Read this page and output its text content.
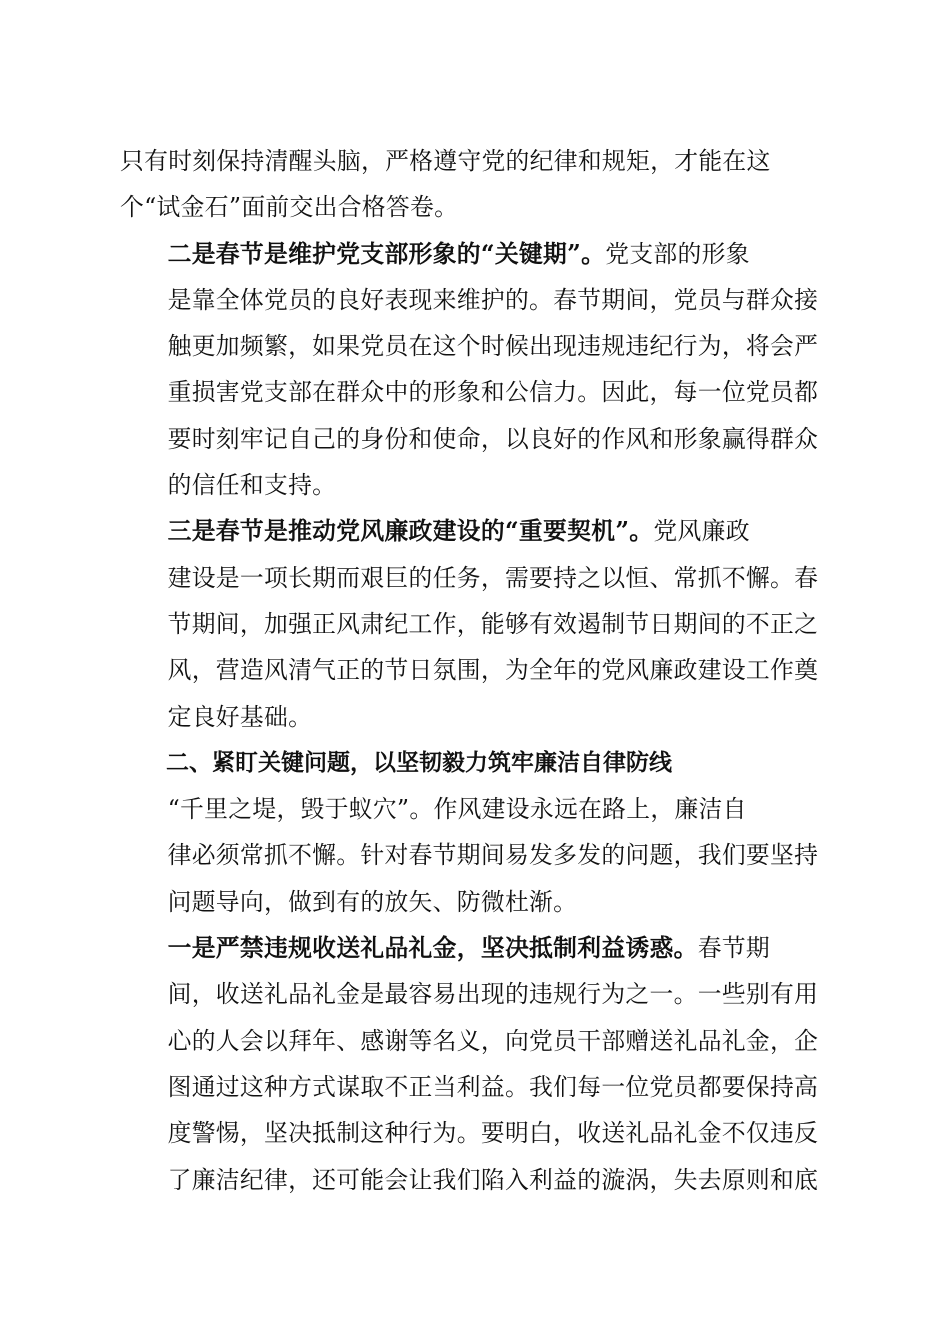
只有时刻保持清醒头脑，严格遵守党的纪律和规矩，才能在这
个“试金石”面前交出合格答卷。

二是春节是维护党支部形象的“关键期”。党支部的形象
是靠全体党员的良好表现来维护的。春节期间，党员与群众接
触更加频繁，如果党员在这个时候出现违规违纪行为，将会严
重损害党支部在群众中的形象和公信力。因此，每一位党员都
要时刻牢记自己的身份和使命，以良好的作风和形象赢得群众
的信任和支持。

三是春节是推动党风廉政建设的“重要契机”。党风廉政
建设是一项长期而艰巨的任务，需要持之以恒、常抓不懈。春
节期间，加强正风肃纪工作，能够有效遏制节日期间的不正之
风，营造风清气正的节日氛围，为全年的党风廉政建设工作奠
定良好基础。

二、紧盯关键问题，以坚韧毅力筑牢廉洁自律防线

“千里之堤，毁于蚁穴”。作风建设永远在路上，廉洁自
律必须常抓不懈。针对春节期间易发多发的问题，我们要坚持
问题导向，做到有的放矢、防微杜渐。

一是严禁违规收送礼品礼金，坚决抵制利益诱惑。春节期
间，收送礼品礼金是最容易出现的违规行为之一。一些别有用
心的人会以拜年、感谢等名义，向党员干部赠送礼品礼金，企
图通过这种方式谋取不正当利益。我们每一位党员都要保持高
度警惕，坚决抵制这种行为。要明白，收送礼品礼金不仅违反
了廉洁纪律，还可能会让我们陷入利益的漩涡，失去原则和底
